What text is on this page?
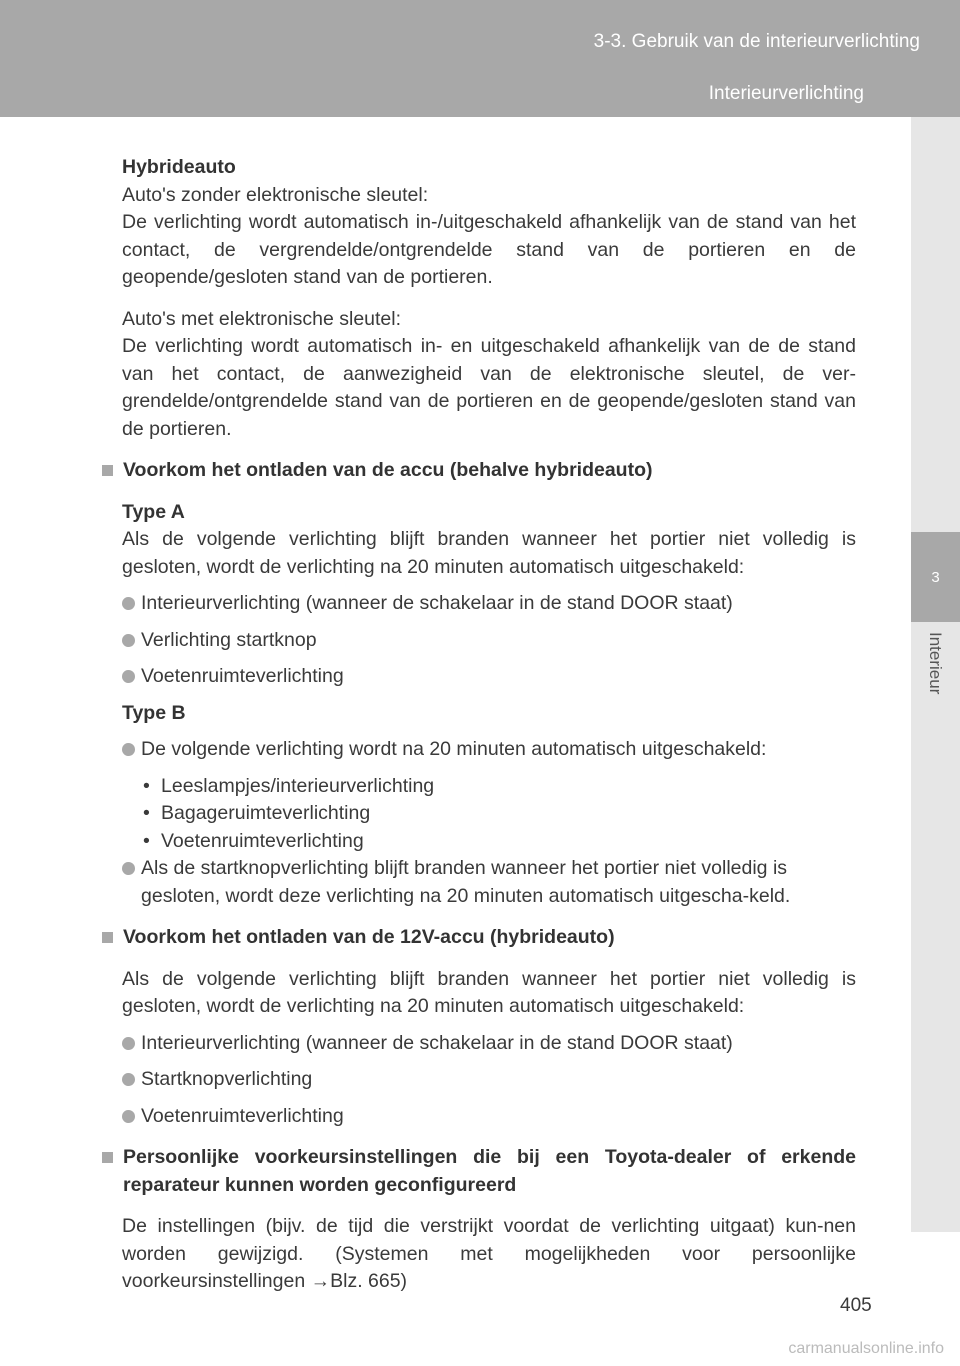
3-3. Gebruik van de interieurverlichting
Interieurverlichting
3
Interieur

Hybrideauto

Auto's zonder elektronische sleutel:

De verlichting wordt automatisch in-/uitgeschakeld afhankelijk van de stand van het contact, de vergrendelde/ontgrendelde stand van de portieren en de geopende/gesloten stand van de portieren.

Auto's met elektronische sleutel:

De verlichting wordt automatisch in- en uitgeschakeld afhankelijk van de de stand van het contact, de aanwezigheid van de elektronische sleutel, de ver-grendelde/ontgrendelde stand van de portieren en de geopende/gesloten stand van de portieren.

Voorkom het ontladen van de accu (behalve hybrideauto)

Type A

Als de volgende verlichting blijft branden wanneer het portier niet volledig is gesloten, wordt de verlichting na 20 minuten automatisch uitgeschakeld:

Interieurverlichting (wanneer de schakelaar in de stand DOOR staat)
Verlichting startknop
Voetenruimteverlichting

Type B

De volgende verlichting wordt na 20 minuten automatisch uitgeschakeld:
• Leeslampjes/interieurverlichting
• Bagageruimteverlichting
• Voetenruimteverlichting
Als de startknopverlichting blijft branden wanneer het portier niet volledig is gesloten, wordt deze verlichting na 20 minuten automatisch uitgescha-keld.
Voorkom het ontladen van de 12V-accu (hybrideauto)

Als de volgende verlichting blijft branden wanneer het portier niet volledig is gesloten, wordt de verlichting na 20 minuten automatisch uitgeschakeld:

Interieurverlichting (wanneer de schakelaar in de stand DOOR staat)
Startknopverlichting
Voetenruimteverlichting
Persoonlijke voorkeursinstellingen die bij een Toyota-dealer of erkende reparateur kunnen worden geconfigureerd

De instellingen (bijv. de tijd die verstrijkt voordat de verlichting uitgaat) kun-nen worden gewijzigd. (Systemen met mogelijkheden voor persoonlijke voorkeursinstellingen →Blz. 665)

405
carmanualsonline.info
